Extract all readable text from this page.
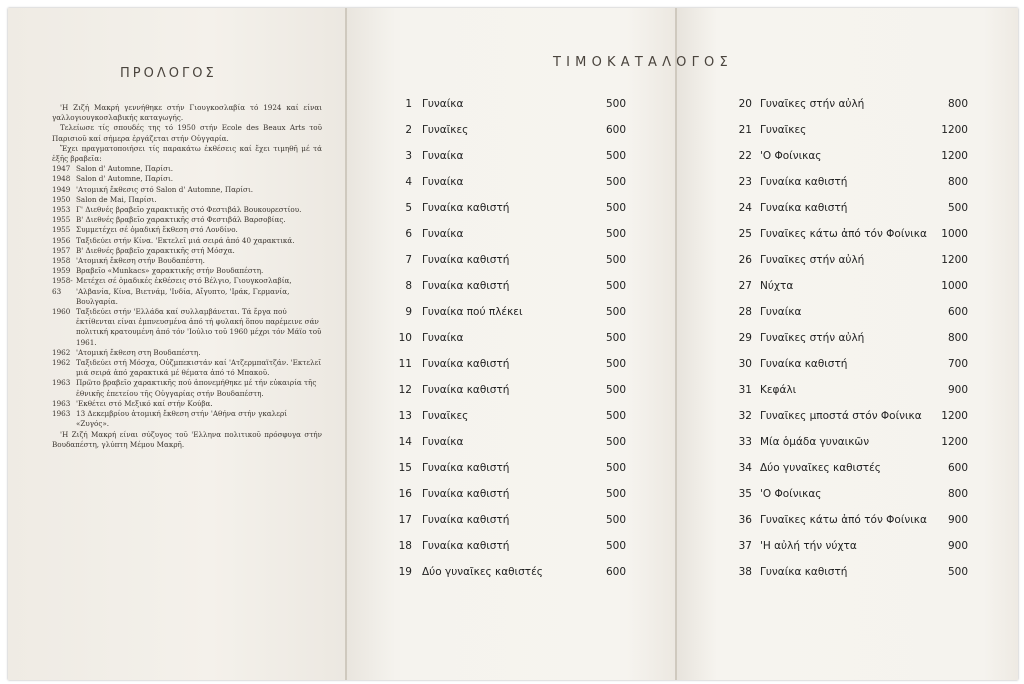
ΠΡΟΛΟΓΟΣ

'Η Ζιζή Μακρή γεννήθηκε στήν Γιουγκοσλαβία τό 1924 καί είναι γαλλογιουγκοσλαβικής καταγωγής.

Τελείωσε τίς σπουδές της τό 1950 στήν Ecole des Beaux Arts τοῦ Παρισιοῦ καί σήμερα ἐργάζεται στήν Οὐγγαρία.

Ἔχει πραγματοποιήσει τίς παρακάτω ἐκθέσεις καί ἔχει τιμηθῆ μέ τά ἑξῆς βραβεῖα:

1947 Salon d' Automne, Παρίσι.
1948 Salon d' Automne, Παρίσι.
1949 'Ατομική ἔκθεσις στό Salon d' Automne, Παρίσι.
1950 Salon de Mai, Παρίσι.
1953 Γ' Διεθνές βραβεῖο χαρακτικῆς στό Φεστιβάλ Βουκουρεστίου.
1955 Β' Διεθνές βραβεῖο χαρακτικῆς στό Φεστιβάλ Βαρσοβίας.
1955 Συμμετέχει σέ ὁμαδική ἔκθεση στό Λονδίνο.
1956 Ταξιδεύει στήν Κίνα. 'Εκτελεῖ μιά σειρά ἀπό 40 χαρακτικά.
1957 Β' Διεθνές βραβεῖο χαρακτικῆς στή Μόσχα.
1958 'Ατομική ἔκθεση στήν Βουδαπέστη.
1959 Βραβεῖο «Munkacs» χαρακτικῆς στήν Βουδαπέστη.
1958-63
Μετέχει σέ ὁμαδικές ἐκθέσεις στό Βέλγιο, Γιουγκοσλαβία, 'Αλβανία, Κίνα, Βιετνάμ, 'Ινδία, Αἴγυπτο, 'Ιράκ, Γερμανία, Βουλγαρία.
1960 Ταξιδεύει στήν 'Ελλάδα καί συλλαμβάνεται. Τά ἔργα πού ἐκτίθενται είναι ἐμπνευσμένα ἀπό τή φυλακή ὅπου παρέμεινε σάν πολιτική κρατουμένη ἀπό τόν 'Ιούλιο τοῦ 1960 μέχρι τόν Μάϊο τοῦ 1961.
1962 'Ατομική ἔκθεση στη Βουδαπέστη.
1962 Ταξιδεύει στή Μόσχα, Οὐζμπεκιστάν καί 'Ατζερμπαϊτζάν. 'Εκτελεῖ μιά σειρά ἀπό χαρακτικά μέ θέματα ἀπό τό Μπακοῦ.
1963 Πρῶτο βραβεῖο χαρακτικῆς πού ἀπονεμήθηκε μέ τήν εὐκαιρία τῆς ἐθνικῆς ἐπετείου τῆς Οὐγγαρίας στήν Βουδαπέστη.
1963 'Εκθέτει στό Μεξικό καί στήν Κούβα.
1963 13 Δεκεμβρίου ἀτομική ἔκθεση στήν 'Αθήνα στήν γκαλερί «Ζυγός».

'Η Ζιζή Μακρή είναι σύζυγος τοῦ 'Ελληνα πολιτικοῦ πρόσφυγα στήν Βουδαπέστη, γλύπτη Μέμου Μακρῆ.

ΤΙΜΟΚΑΤΑΛΟΓΟΣ
1 Γυναίκα	500
2 Γυναῖκες	600
3 Γυναίκα	500
4 Γυναίκα	500
5 Γυναίκα καθιστή	500
6 Γυναίκα	500
7 Γυναίκα καθιστή	500
8 Γυναίκα καθιστή	500
9 Γυναίκα πού πλέκει	500
10 Γυναίκα	500
11 Γυναίκα καθιστή	500
12 Γυναίκα καθιστή	500
13 Γυναῖκες	500
14 Γυναίκα	500
15 Γυναίκα καθιστή	500
16 Γυναίκα καθιστή	500
17 Γυναίκα καθιστή	500
18 Γυναίκα καθιστή	500
19 Δύο γυναῖκες καθιστές	600
20 Γυναῖκες στήν αὐλή	800
21 Γυναῖκες	1200
22 'Ο Φοίνικας	1200
23 Γυναίκα καθιστή	800
24 Γυναίκα καθιστή	500
25 Γυναῖκες κάτω ἀπό τόν Φοίνικα 1000
26 Γυναῖκες στήν αὐλή	1200
27 Νύχτα	1000
28 Γυναίκα	600
29 Γυναῖκες στήν αὐλή	800
30 Γυναίκα καθιστή	700
31 Κεφάλι	900
32 Γυναῖκες μποστά στόν Φοίνικα 1200
33 Μία ὁμάδα γυναικῶν	1200
34 Δύο γυναῖκες καθιστές	600
35 'Ο Φοίνικας	800
36 Γυναῖκες κάτω ἀπό τόν Φοίνικα 900
37 'Η αὐλή τήν νύχτα	900
38 Γυναίκα καθιστή	500
